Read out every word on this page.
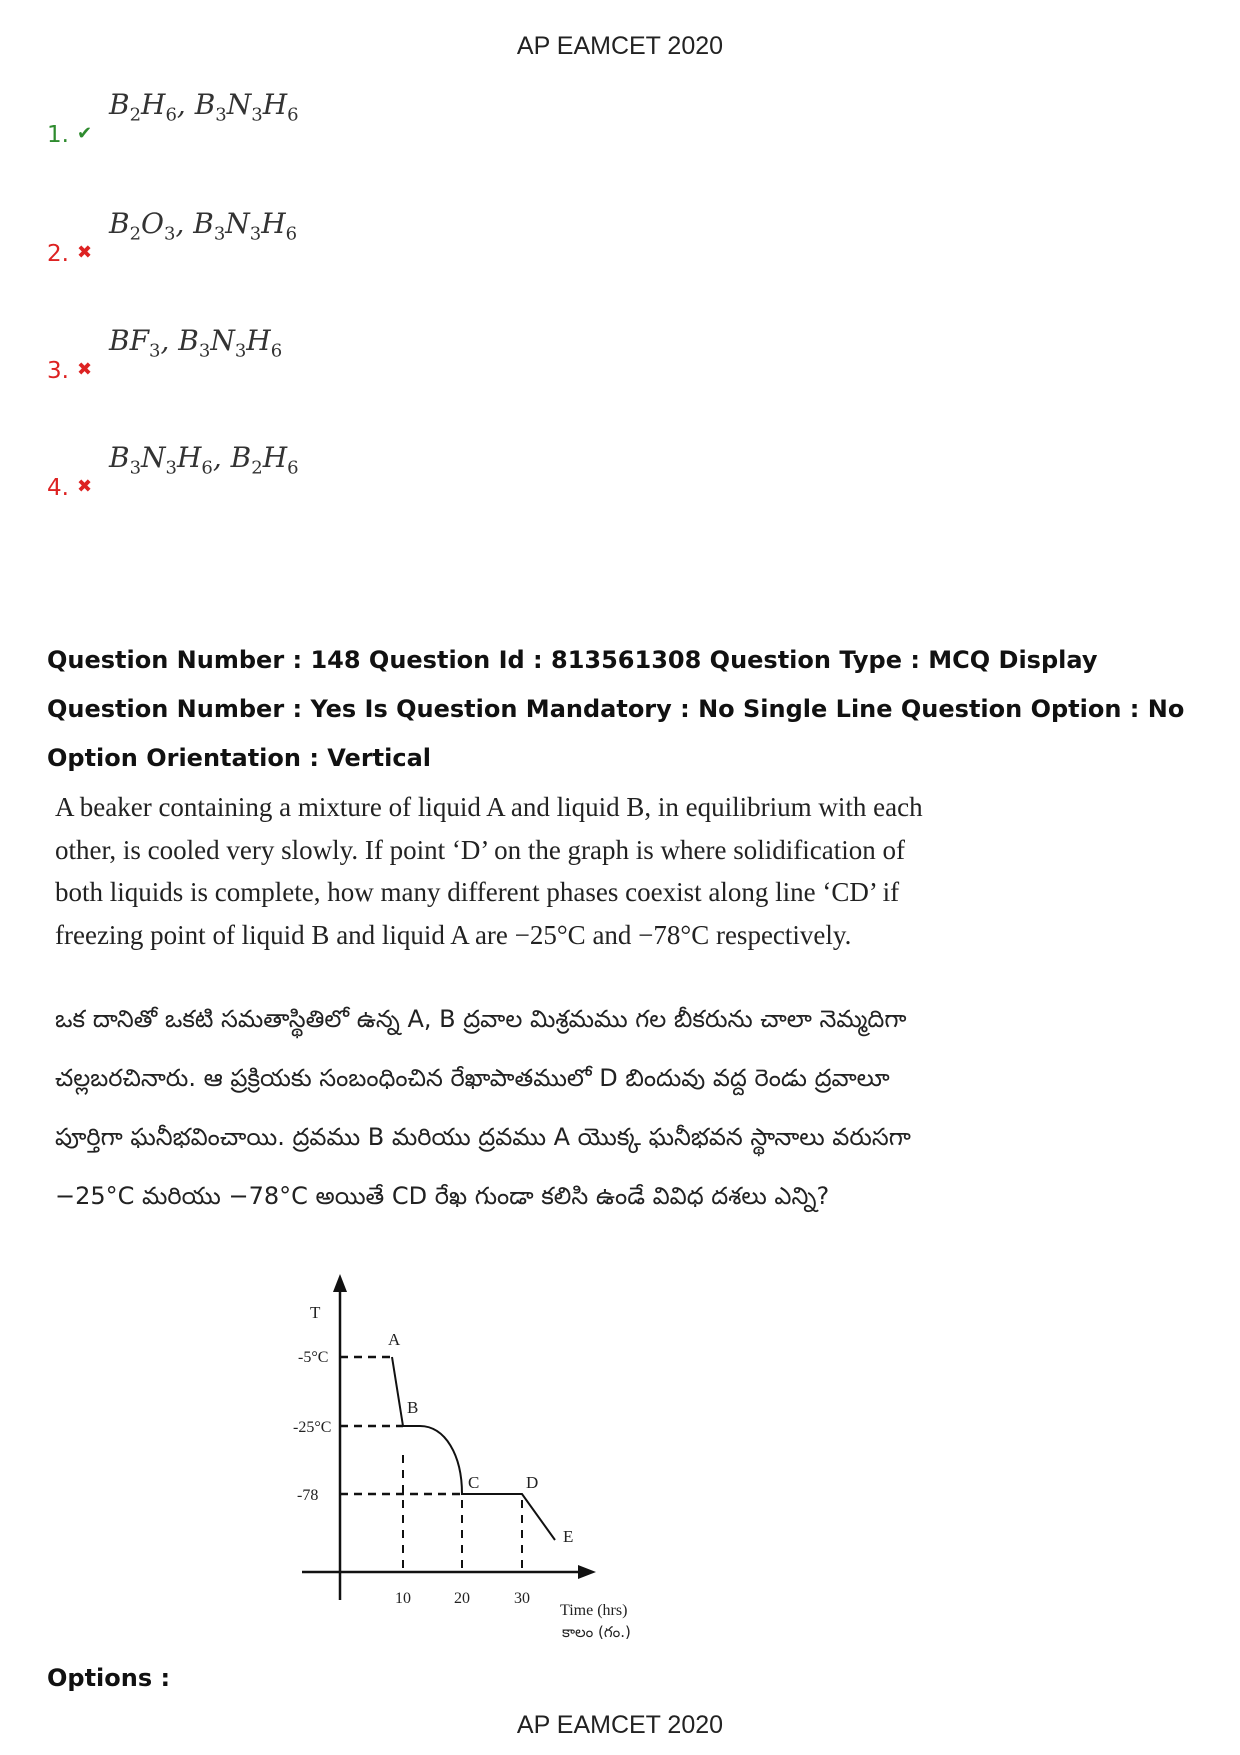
AP EAMCET 2020
1. ✔
$B_2H_6$, $B_3N_3H_6$
2. ✖
$B_2O_3$, $B_3N_3H_6$
3. ✖
$BF_3$, $B_3N_3H_6$
4. ✖
$B_3N_3H_6$, $B_2H_6$
Question Number : 148 Question Id : 813561308 Question Type : MCQ Display Question Number : Yes Is Question Mandatory : No Single Line Question Option : No Option Orientation : Vertical
A beaker containing a mixture of liquid A and liquid B, in equilibrium with each other, is cooled very slowly. If point ‘D’ on the graph is where solidification of both liquids is complete, how many different phases coexist along line ‘CD’ if freezing point of liquid B and liquid A are −25°C and −78°C respectively.
ఒక దానితో ఒకటి సమతాస్థితిలో ఉన్న A, B ద్రవాల మిశ్రమము గల బీకరును చాలా నెమ్మదిగా చల్లబరచినారు. ఆ ప్రక్రియకు సంబంధించిన రేఖాపాతములో D బిందువు వద్ద రెండు ద్రవాలూ పూర్తిగా ఘనీభవించాయి. ద్రవము B మరియు ద్రవము A యొక్క ఘనీభవన స్థానాలు వరుసగా −25°C మరియు −78°C అయితే CD రేఖ గుండా కలిసి ఉండే వివిధ దశలు ఎన్ని?
T
-5°C
-25°C
-78
A
B
C	D
E
10	20	30
Time (hrs)
కాలం (గం.)
Options :
AP EAMCET 2020
